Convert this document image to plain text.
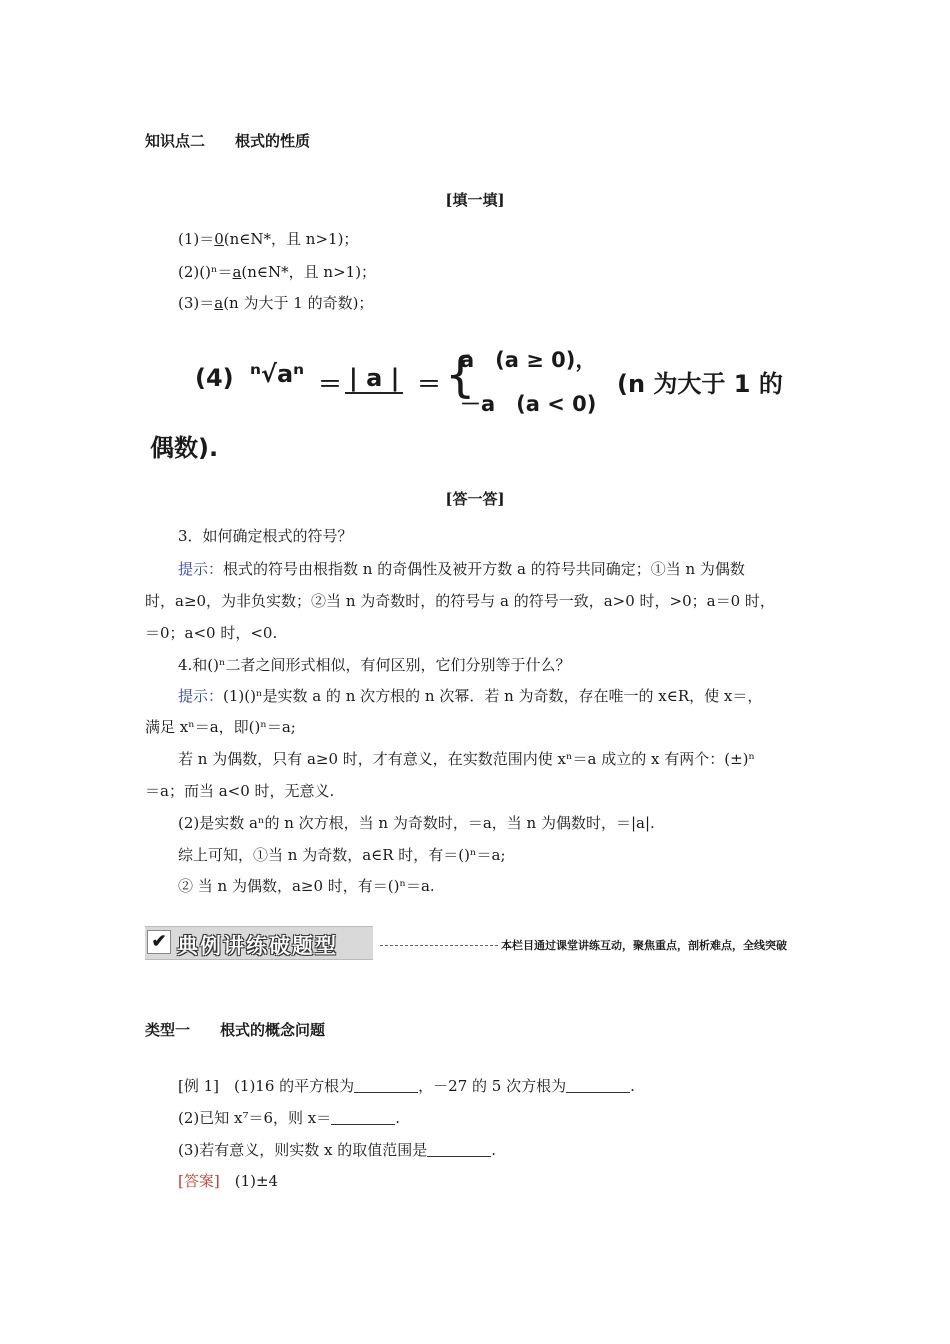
知识点二　　根式的性质
[填一填]
(1)＝0(n∈N*，且 n>1)；
(2)()ⁿ＝a(n∈N*，且 n>1)；
(3)＝a(n 为大于 1 的奇数)；
(4) ⁿ√aⁿ ＝ | a | ＝ {
a　(a ≥ 0)，
－a　(a < 0)
(n 为大于 1 的
偶数).
[答一答]
3．如何确定根式的符号？
提示：根式的符号由根指数 n 的奇偶性及被开方数 a 的符号共同确定；①当 n 为偶数
时，a≥0，为非负实数；②当 n 为奇数时，的符号与 a 的符号一致，a>0 时，>0；a＝0 时，
＝0；a<0 时，<0.
4.和()ⁿ二者之间形式相似，有何区别，它们分别等于什么？
提示：(1)()ⁿ是实数 a 的 n 次方根的 n 次幂．若 n 为奇数，存在唯一的 x∈R，使 x＝，
满足 xⁿ＝a，即()ⁿ＝a;
若 n 为偶数，只有 a≥0 时，才有意义，在实数范围内使 xⁿ＝a 成立的 x 有两个：(±)ⁿ
＝a；而当 a<0 时，无意义.
(2)是实数 aⁿ的 n 次方根，当 n 为奇数时，＝a，当 n 为偶数时，＝|a|.
综上可知，①当 n 为奇数，a∈R 时，有＝()ⁿ＝a;
② 当 n 为偶数，a≥0 时，有＝()ⁿ＝a.
✔ 典例讲练破题型	本栏目通过课堂讲练互动，聚焦重点，剖析难点，全线突破
类型一　　根式的概念问题
[例 1]　 (1)16 的平方根为	，－27 的 5 次方根为	.
(2)已知 x⁷＝6，则 x＝	.
(3)若有意义，则实数 x 的取值范围是	.
[答案]　 (1)±4
